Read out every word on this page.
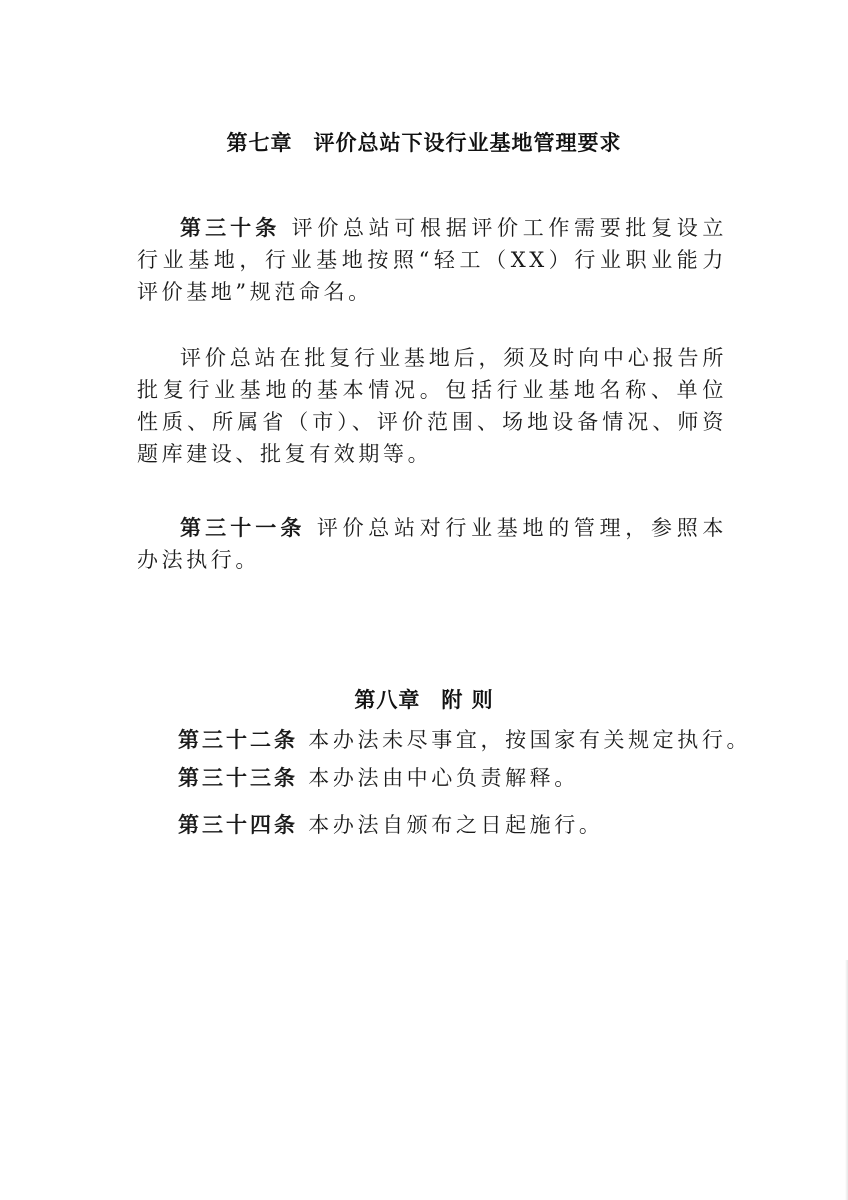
第七章 评价总站下设行业基地管理要求

第三十条 评价总站可根据评价工作需要批复设立行业基地，行业基地按照“轻工（XX）行业职业能力评价基地”规范命名。

评价总站在批复行业基地后，须及时向中心报告所批复行业基地的基本情况。包括行业基地名称、单位性质、所属省（市）、评价范围、场地设备情况、师资题库建设、批复有效期等。

第三十一条 评价总站对行业基地的管理，参照本办法执行。

第八章 附 则

第三十二条 本办法未尽事宜，按国家有关规定执行。

第三十三条 本办法由中心负责解释。

第三十四条 本办法自颁布之日起施行。
